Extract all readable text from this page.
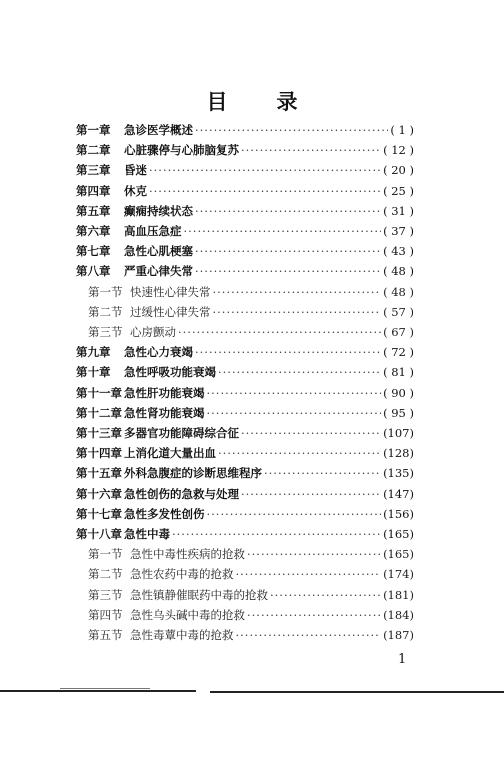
目　录
第一章	急诊医学概述 ·····	( 1 )
第二章	心脏骤停与心肺脑复苏 ·····	( 12 )
第三章	昏迷 ·····	( 20 )
第四章	休克 ·····	( 25 )
第五章	癫痫持续状态 ·····	( 31 )
第六章	高血压急症 ·····	( 37 )
第七章	急性心肌梗塞 ·····	( 43 )
第八章	严重心律失常 ·····	( 48 )
第一节 快速性心律失常 ·····	( 48 )
第二节 过缓性心律失常 ·····	( 57 )
第三节 心房颤动 ·····	( 67 )
第九章	急性心力衰竭 ·····	( 72 )
第十章	急性呼吸功能衰竭 ·····	( 81 )
第十一章 急性肝功能衰竭 ·····	( 90 )
第十二章 急性肾功能衰竭 ·····	( 95 )
第十三章 多器官功能障碍综合征 ·····	(107)
第十四章 上消化道大量出血 ·····	(128)
第十五章 外科急腹症的诊断思维程序 ·····	(135)
第十六章 急性创伤的急救与处理 ·····	(147)
第十七章 急性多发性创伤 ·····	(156)
第十八章 急性中毒 ·····	(165)
第一节 急性中毒性疾病的抢救 ·····	(165)
第二节 急性农药中毒的抢救 ·····	(174)
第三节 急性镇静催眠药中毒的抢救 ·····	(181)
第四节 急性乌头碱中毒的抢救 ·····	(184)
第五节 急性毒蕈中毒的抢救 ·····	(187)
1
